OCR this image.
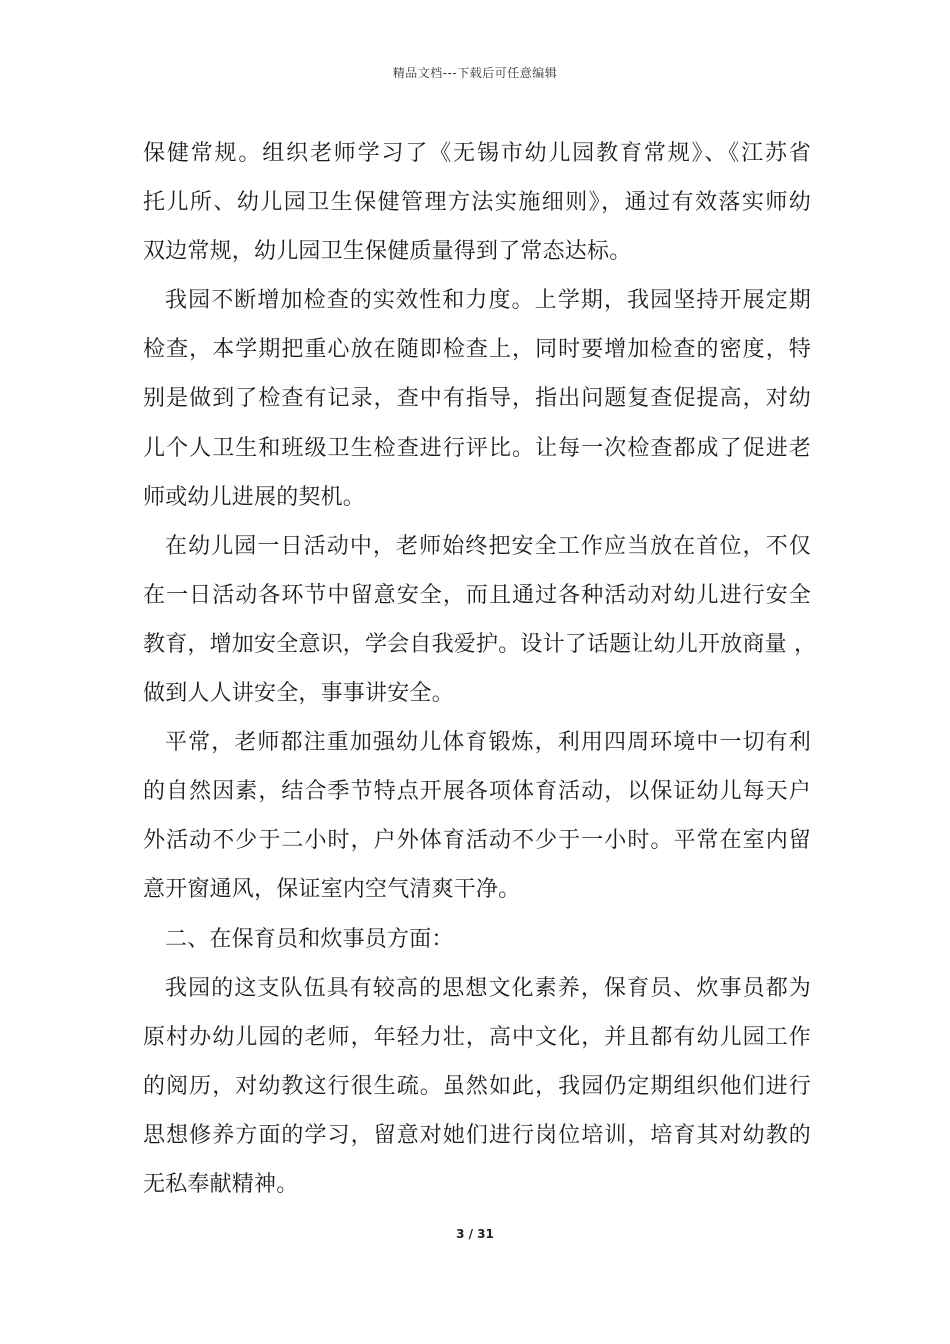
精品文档---下载后可任意编辑
保健常规。组织老师学习了《无锡市幼儿园教育常规》、《江苏省
托儿所、幼儿园卫生保健管理方法实施细则》，通过有效落实师幼
双边常规，幼儿园卫生保健质量得到了常态达标。
我园不断增加检查的实效性和力度。上学期，我园坚持开展定期
检查，本学期把重心放在随即检查上，同时要增加检查的密度，特
别是做到了检查有记录，查中有指导，指出问题复查促提高，对幼
儿个人卫生和班级卫生检查进行评比。让每一次检查都成了促进老
师或幼儿进展的契机。
在幼儿园一日活动中，老师始终把安全工作应当放在首位，不仅
在一日活动各环节中留意安全，而且通过各种活动对幼儿进行安全
教育，增加安全意识，学会自我爱护。设计了话题让幼儿开放商量 ，
做到人人讲安全，事事讲安全。
平常，老师都注重加强幼儿体育锻炼，利用四周环境中一切有利
的自然因素，结合季节特点开展各项体育活动，以保证幼儿每天户
外活动不少于二小时，户外体育活动不少于一小时。平常在室内留
意开窗通风，保证室内空气清爽干净。
二、在保育员和炊事员方面：
我园的这支队伍具有较高的思想文化素养，保育员、炊事员都为
原村办幼儿园的老师，年轻力壮，高中文化，并且都有幼儿园工作
的阅历，对幼教这行很生疏。虽然如此，我园仍定期组织他们进行
思想修养方面的学习，留意对她们进行岗位培训，培育其对幼教的
无私奉献精神。
3 / 31
